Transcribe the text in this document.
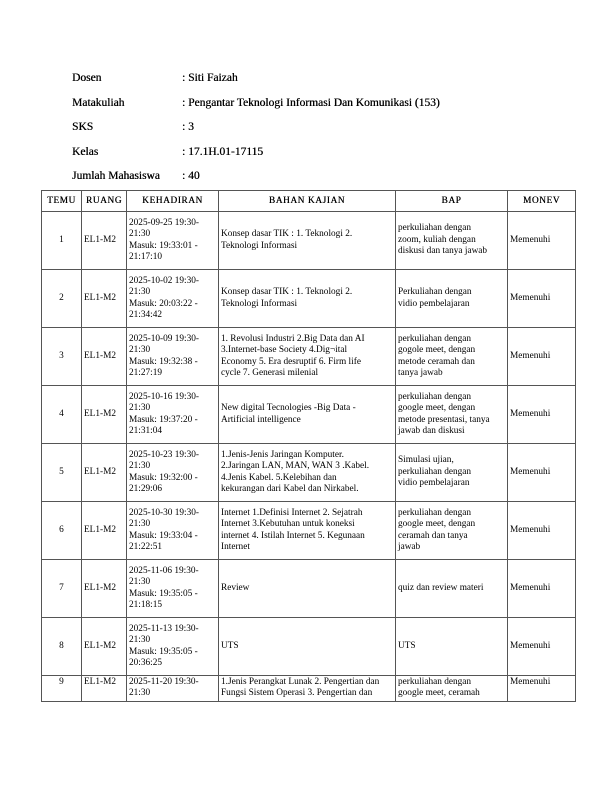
Dosen	: Siti Faizah
Matakuliah	: Pengantar Teknologi Informasi Dan Komunikasi (153)
SKS	: 3
Kelas	: 17.1H.01-17115
Jumlah Mahasiswa	: 40
TEMU	RUANG	KEHADIRAN	BAHAN KAJIAN	BAP	MONEV
1	EL1-M2	2025-09-25 19:30-
21:30
Masuk: 19:33:01 -
21:17:10	Konsep dasar TIK : 1. Teknologi 2.
Teknologi Informasi	perkuliahan dengan
zoom, kuliah dengan
diskusi dan tanya jawab	Memenuhi
2	EL1-M2	2025-10-02 19:30-
21:30
Masuk: 20:03:22 -
21:34:42	Konsep dasar TIK : 1. Teknologi 2.
Teknologi Informasi	Perkuliahan dengan
vidio pembelajaran	Memenuhi
3	EL1-M2	2025-10-09 19:30-
21:30
Masuk: 19:32:38 -
21:27:19	1. Revolusi Industri 2.Big Data dan AI
3.Internet-base Society 4.Dig¬ital
Economy 5. Era desruptif 6. Firm life
cycle 7. Generasi milenial	perkuliahan dengan
gogole meet, dengan
metode ceramah dan
tanya jawab	Memenuhi
4	EL1-M2	2025-10-16 19:30-
21:30
Masuk: 19:37:20 -
21:31:04	New digital Tecnologies -Big Data -
Artificial intelligence	perkuliahan dengan
google meet, dengan
metode presentasi, tanya
jawab dan diskusi	Memenuhi
5	EL1-M2	2025-10-23 19:30-
21:30
Masuk: 19:32:00 -
21:29:06	1.Jenis-Jenis Jaringan Komputer.
2.Jaringan LAN, MAN, WAN 3 .Kabel.
4.Jenis Kabel. 5.Kelebihan dan
kekurangan dari Kabel dan Nirkabel.	Simulasi ujian,
perkuliahan dengan
vidio pembelajaran	Memenuhi
6	EL1-M2	2025-10-30 19:30-
21:30
Masuk: 19:33:04 -
21:22:51	Internet 1.Definisi Internet 2. Sejatrah
Internet 3.Kebutuhan untuk koneksi
internet 4. Istilah Internet 5. Kegunaan
Internet	perkuliahan dengan
google meet, dengan
ceramah dan tanya
jawab	Memenuhi
7	EL1-M2	2025-11-06 19:30-
21:30
Masuk: 19:35:05 -
21:18:15	Review	quiz dan review materi	Memenuhi
8	EL1-M2	2025-11-13 19:30-
21:30
Masuk: 19:35:05 -
20:36:25	UTS	UTS	Memenuhi
9	EL1-M2	2025-11-20 19:30-
21:30	1.Jenis Perangkat Lunak 2. Pengertian dan
Fungsi Sistem Operasi 3. Pengertian dan	perkuliahan dengan
google meet, ceramah	Memenuhi
